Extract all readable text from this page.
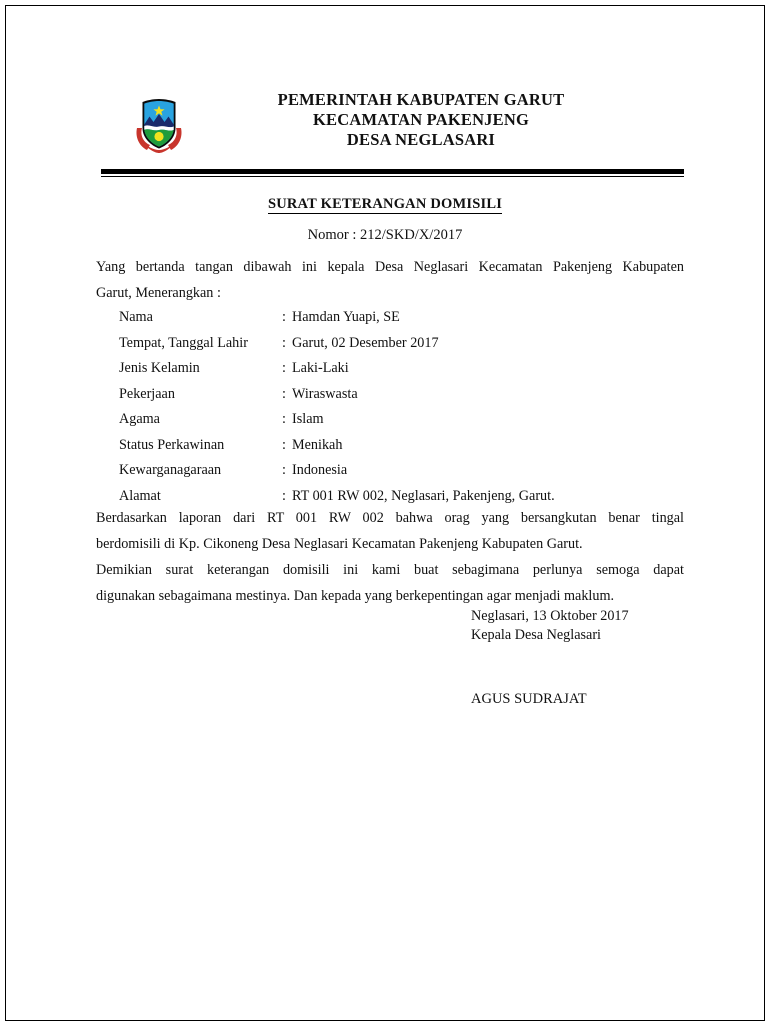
PEMERINTAH KABUPATEN GARUT
KECAMATAN PAKENJENG
DESA NEGLASARI
SURAT KETERANGAN DOMISILI
Nomor : 212/SKD/X/2017
Yang bertanda tangan dibawah ini kepala Desa Neglasari Kecamatan Pakenjeng Kabupaten
Garut, Menerangkan :
Nama	: Hamdan Yuapi, SE
Tempat, Tanggal Lahir	: Garut, 02 Desember 2017
Jenis Kelamin	: Laki-Laki
Pekerjaan	: Wiraswasta
Agama	: Islam
Status Perkawinan	: Menikah
Kewarganagaraan	: Indonesia
Alamat	: RT 001 RW 002, Neglasari, Pakenjeng, Garut.

Berdasarkan laporan dari RT 001 RW 002 bahwa orag yang bersangkutan benar tingal

berdomisili di Kp. Cikoneng Desa Neglasari Kecamatan Pakenjeng Kabupaten Garut.

Demikian surat keterangan domisili ini kami buat sebagimana perlunya semoga dapat

digunakan sebagaimana mestinya. Dan kepada yang berkepentingan agar menjadi maklum.

Neglasari, 13 Oktober 2017
Kepala Desa Neglasari
AGUS SUDRAJAT
